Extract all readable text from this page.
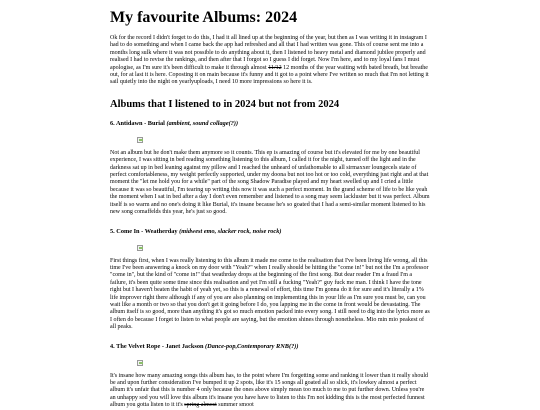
My favourite Albums: 2024

Ok for the record I didn't forget to do this, I had it all lined up at the beginning of the year, but then as I was writing it in instagram I had to do something and when I came back the app had refreshed and all that I had written was gone. This of course sent me into a months long sulk where it was not possible to do anything about it, then I listened to heavy metal and diamond jubilee properly and realised I had to revise the rankings, and then after that I forgot so I guess I did forget. Now I'm here, and to my loyal fans I must apologise, as I'm sure it's been difficult to make it through almost 11/12 12 months of the year waiting with bated breath, but breathe out, for at last it is here. Coposting it on main because it's funny and it got to a point where I've written so much that I'm not letting it sail quietly into the night on yearlyuploads, I need 10 more impressions so here it is.

Albums that I listened to in 2024 but not from 2024
6. Antidawn - Burial (ambient, sound collage(?))

Not an album but he don't make them anymore so it counts. This ep is amazing of course but it's elevated for me by one beautiful experience, I was sitting in bed reading something listening to this album, I called it for the night, turned off the light and in the darkness sat up in bed leaning against my pillow and I reached the unheard of unfathomable to all sirmaxxer loungecels state of perfect comfortableness, my weight perfectly supported, under my doona but not too hot or too cold, everything just right and at that moment the "let me hold you for a while" part of the song Shadow Paradise played and my heart swelled up and I cried a little because it was so beautiful, I'm tearing up writing this now it was such a perfect moment. In the grand scheme of life to be like yeah the moment when I sat in bed after a day I don't even remember and listened to a song may seem lackluster but it was perfect. Album itself is so warm and no one's doing it like Burial, it's insane because he's so goated that I had a semi-similar moment listened to his new song comaffelds this year, he's just so good.

5. Come In - Weatherday (midwest emo, slacker rock, noise rock)

First things first, when I was really listening to this album it made me come to the realisation that I've been living life wrong, all this time I've been answering a knock on my door with "Yeah?" when I really should be hitting the "come in!" but not the I'm a professor "come in", but the kind of "come in!" that weathrday drops at the beginning of the first song. But dear reader I'm a fraud I'm a failure, it's been quite some time since this realisation and yet I'm still a fucking "Yeah?" guy fuck me man. I think I have the tone right but I haven't beaten the habit of yeah yet, so this is a renewal of effort, this time I'm gonna do it for sure and it's literally a 1% life improver right there although if any of you are also planning on implementing this in your life as I'm sure you must be, can you wait like a month or two so that you don't get it going before I do, you lapping me in the come in front would be devastating. The album itself is so good, more than anything it's got so much emotion packed into every song. I still need to dig into the lyrics more as I often do because I forget to listen to what people are saying, but the emotion shines through nonetheless. Mio min mio peakest of all peaks.

4. The Velvet Rope - Janet Jackson (Dance-pop,Contemporary RNB(?))

It's insane how many amazing songs this album has, to the point where I'm forgetting some and ranking it lower than it really should be and upon further consideration I've bumped it up 2 spots, like it's 15 songs all goated all so slick, it's lowkey almost a perfect album it's unfair that this is number 4 only because the ones above simply mean too much to me to put further down. Unless you're an unhappy sod you will love this album it's insane you have have to listen to this I'm not kidding this is the most perfected funnest album you gotta listen to it it's spring almost summer smoot
